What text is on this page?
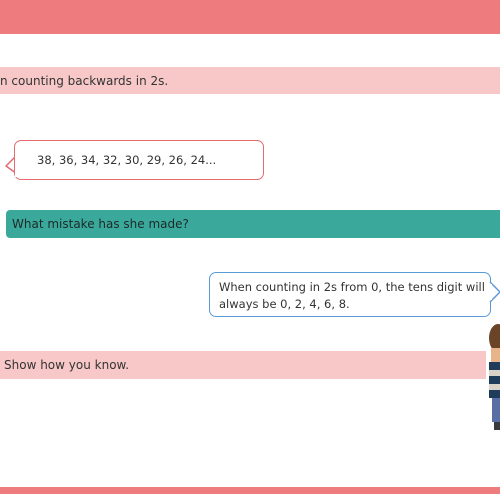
n counting backwards in 2s.
38, 36, 34, 32, 30, 29, 26, 24...
What mistake has she made?
When counting in 2s from 0, the tens digit will
always be 0, 2, 4, 6, 8.
Show how you know.
